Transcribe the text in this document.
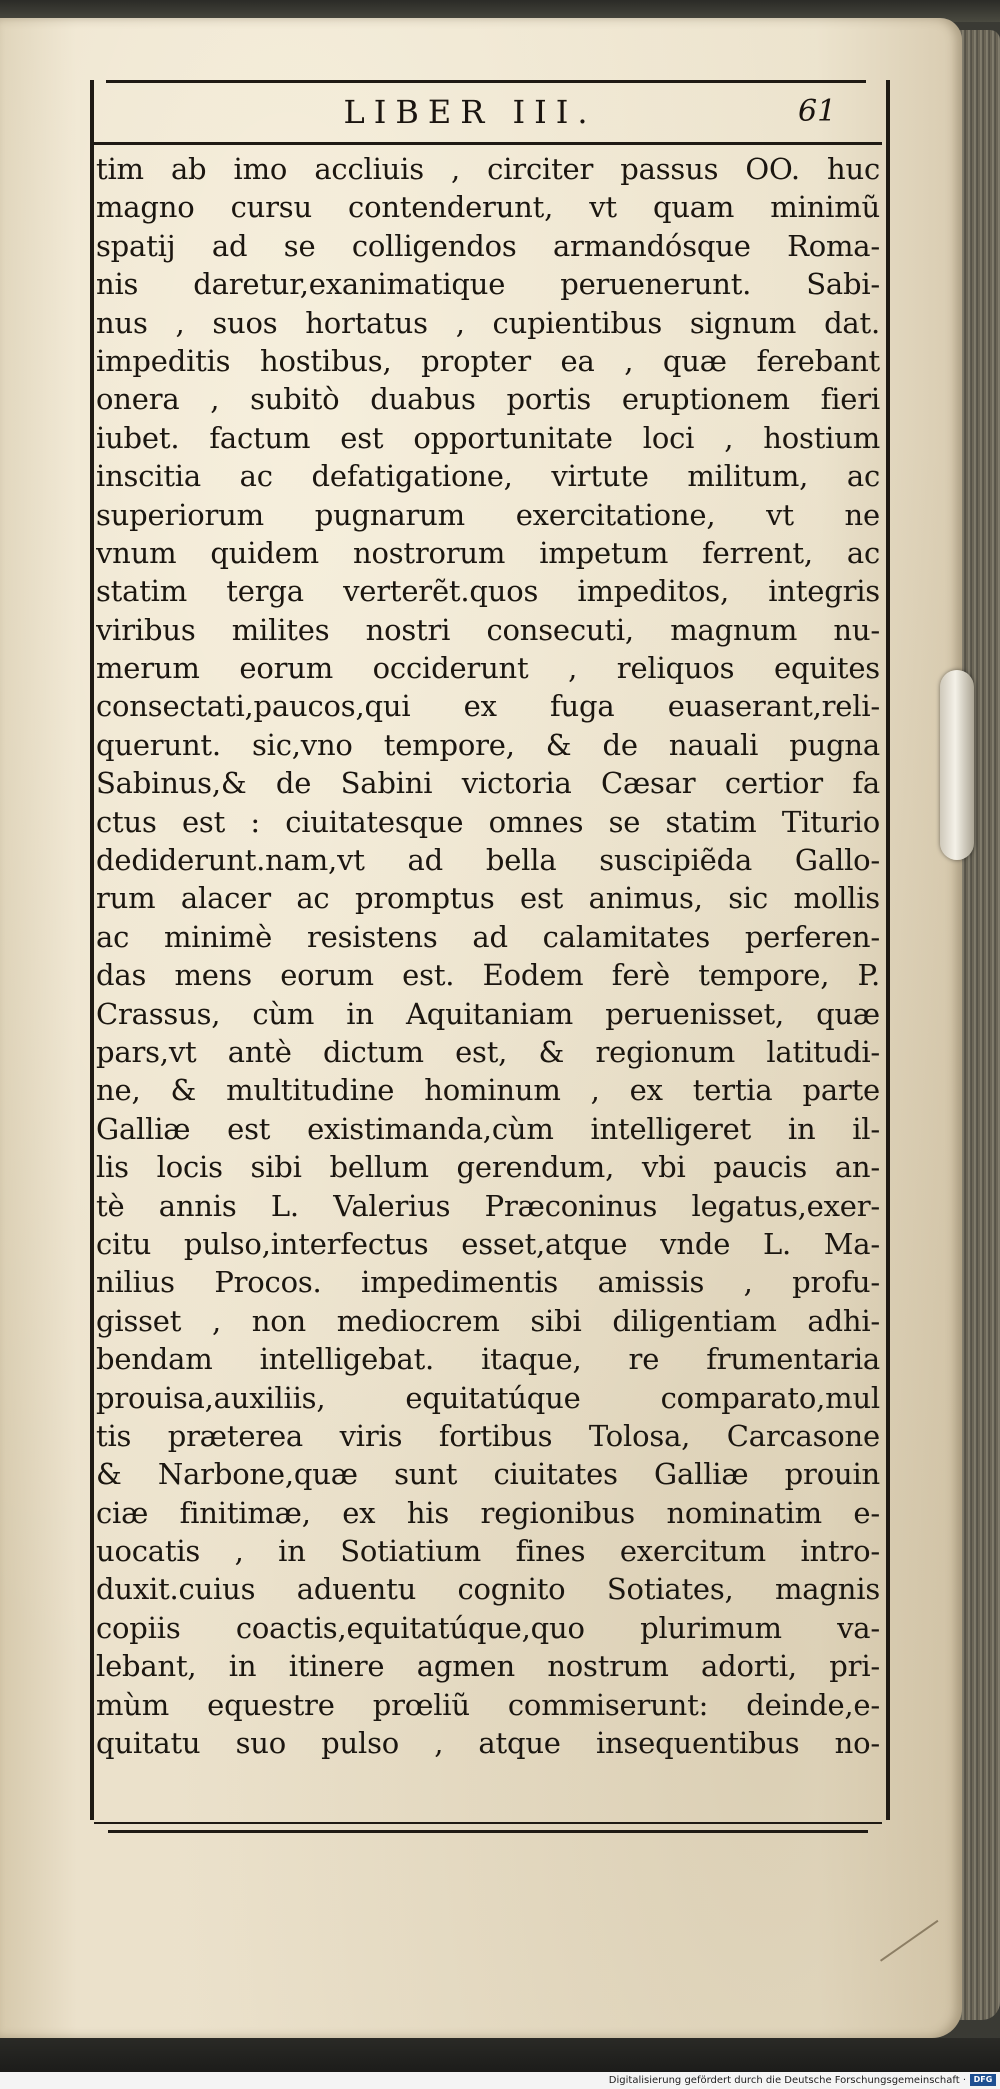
LIBER III.	61
tim ab imo accliuis , circiter passus OO. huc
magno cursu contenderunt, vt quam minimũ
spatij ad se colligendos armandósque Roma-
nis daretur,exanimatique peruenerunt. Sabi-
nus , suos hortatus , cupientibus signum dat.
impeditis hostibus, propter ea , quæ ferebant
onera , subitò duabus portis eruptionem fieri
iubet. factum est opportunitate loci , hostium
inscitia ac defatigatione, virtute militum, ac
superiorum pugnarum exercitatione, vt ne
vnum quidem nostrorum impetum ferrent, ac
statim terga verterẽt.quos impeditos, integris
viribus milites nostri consecuti, magnum nu-
merum eorum occiderunt , reliquos equites
consectati,paucos,qui ex fuga euaserant,reli-
querunt. sic,vno tempore, & de nauali pugna
Sabinus,& de Sabini victoria Cæsar certior fa
ctus est : ciuitatesque omnes se statim Titurio
dediderunt.nam,vt ad bella suscipiẽda Gallo-
rum alacer ac promptus est animus, sic mollis
ac minimè resistens ad calamitates perferen-
das mens eorum est. Eodem ferè tempore, P.
Crassus, cùm in Aquitaniam peruenisset, quæ
pars,vt antè dictum est, & regionum latitudi-
ne, & multitudine hominum , ex tertia parte
Galliæ est existimanda,cùm intelligeret in il-
lis locis sibi bellum gerendum, vbi paucis an-
tè annis L. Valerius Præconinus legatus,exer-
citu pulso,interfectus esset,atque vnde L. Ma-
nilius Procos. impedimentis amissis , profu-
gisset , non mediocrem sibi diligentiam adhi-
bendam intelligebat. itaque, re frumentaria
prouisa,auxiliis, equitatúque comparato,mul
tis præterea viris fortibus Tolosa, Carcasone
& Narbone,quæ sunt ciuitates Galliæ prouin
ciæ finitimæ, ex his regionibus nominatim e-
uocatis , in Sotiatium fines exercitum intro-
duxit.cuius aduentu cognito Sotiates, magnis
copiis coactis,equitatúque,quo plurimum va-
lebant, in itinere agmen nostrum adorti, pri-
mùm equestre prœliũ commiserunt: deinde,e-
quitatu suo pulso , atque insequentibus no-
Digitalisierung gefördert durch die Deutsche Forschungsgemeinschaft · DFG
